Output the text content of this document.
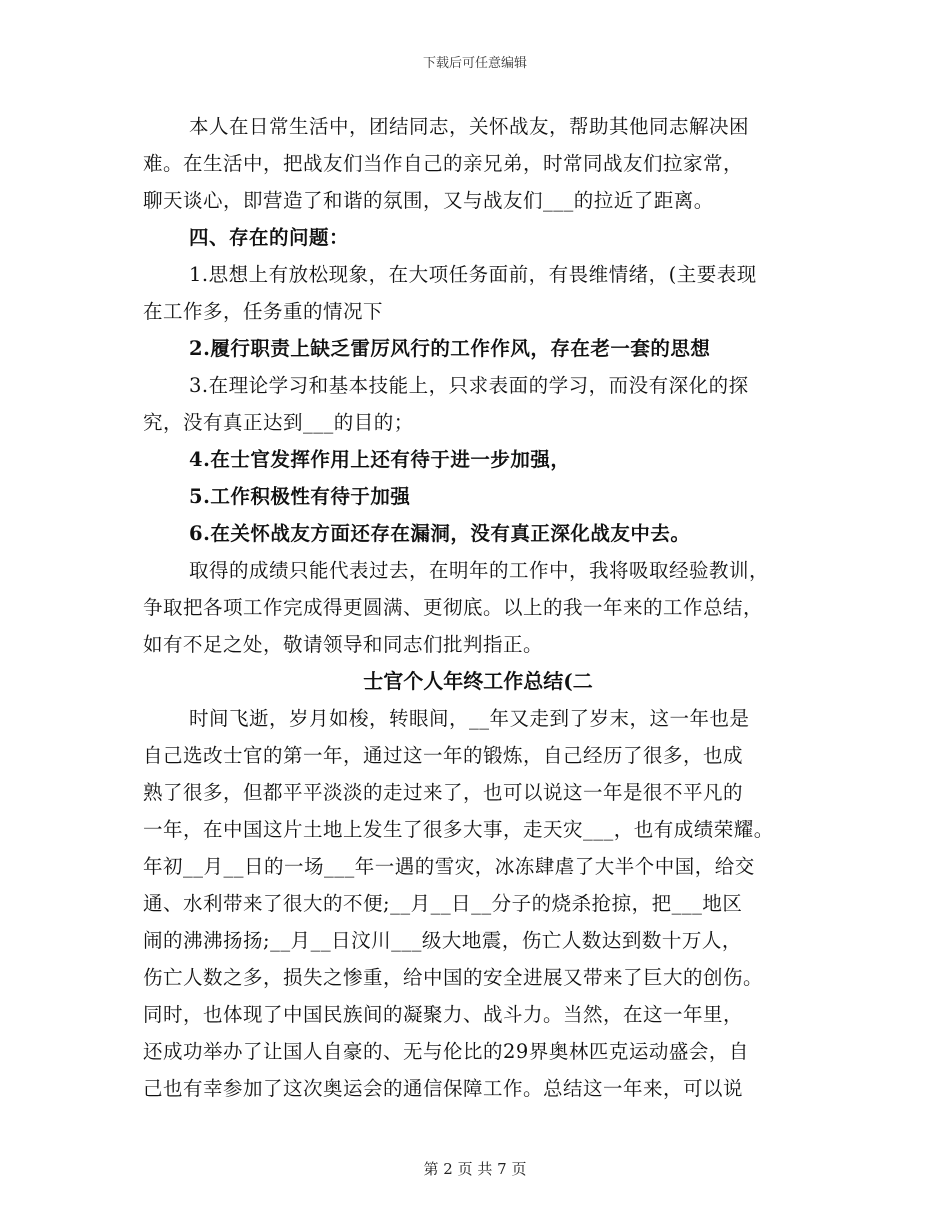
下载后可任意编辑

本人在日常生活中，团结同志，关怀战友，帮助其他同志解决困

难。在生活中，把战友们当作自己的亲兄弟，时常同战友们拉家常，

聊天谈心，即营造了和谐的氛围，又与战友们___的拉近了距离。

四、存在的问题：

1.思想上有放松现象，在大项任务面前，有畏维情绪，(主要表现

在工作多，任务重的情况下

2.履行职责上缺乏雷厉风行的工作作风，存在老一套的思想

3.在理论学习和基本技能上，只求表面的学习，而没有深化的探

究，没有真正达到___的目的；

4.在士官发挥作用上还有待于进一步加强，

5.工作积极性有待于加强

6.在关怀战友方面还存在漏洞，没有真正深化战友中去。

取得的成绩只能代表过去，在明年的工作中，我将吸取经验教训，

争取把各项工作完成得更圆满、更彻底。以上的我一年来的工作总结，

如有不足之处，敬请领导和同志们批判指正。

士官个人年终工作总结(二

时间飞逝，岁月如梭，转眼间，__年又走到了岁末，这一年也是

自己选改士官的第一年，通过这一年的锻炼，自己经历了很多，也成

熟了很多，但都平平淡淡的走过来了，也可以说这一年是很不平凡的

一年，在中国这片土地上发生了很多大事，走天灾___，也有成绩荣耀。

年初__月__日的一场___年一遇的雪灾，冰冻肆虐了大半个中国，给交

通、水利带来了很大的不便;__月__日__分子的烧杀抢掠，把___地区

闹的沸沸扬扬;__月__日汶川___级大地震，伤亡人数达到数十万人，

伤亡人数之多，损失之惨重，给中国的安全进展又带来了巨大的创伤。

同时，也体现了中国民族间的凝聚力、战斗力。当然，在这一年里，

还成功举办了让国人自豪的、无与伦比的29界奥林匹克运动盛会，自

己也有幸参加了这次奥运会的通信保障工作。总结这一年来，可以说

第 2 页 共 7 页
